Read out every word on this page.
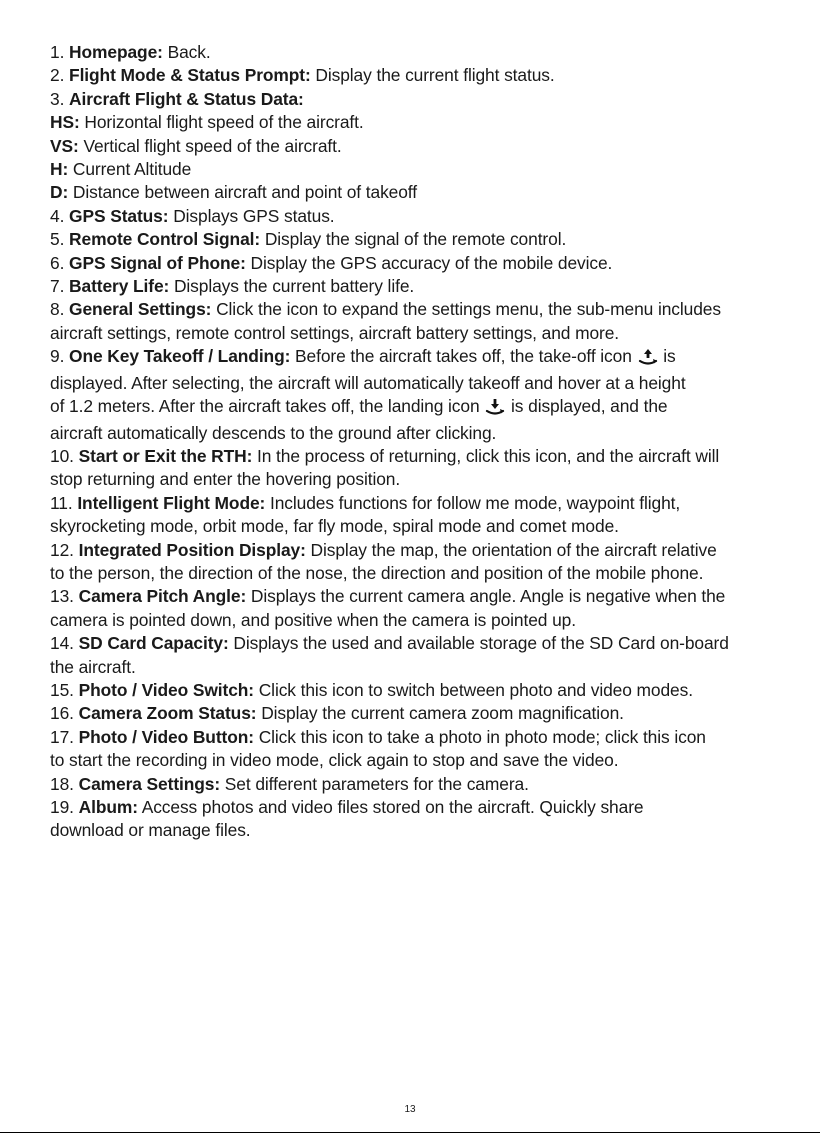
1. Homepage: Back.

2. Flight Mode & Status Prompt: Display the current flight status.

3. Aircraft Flight & Status Data:

HS: Horizontal flight speed of the aircraft.

VS: Vertical flight speed of the aircraft.

H: Current Altitude

D: Distance between aircraft and point of takeoff

4. GPS Status: Displays GPS status.

5. Remote Control Signal: Display the signal of the remote control.

6. GPS Signal of Phone: Display the GPS accuracy of the mobile device.

7. Battery Life: Displays the current battery life.

8. General Settings: Click the icon to expand the settings menu, the sub-menu includes

aircraft settings, remote control settings, aircraft battery settings, and more.

9. One Key Takeoff / Landing: Before the aircraft takes off, the take-off icon is

displayed. After selecting, the aircraft will automatically takeoff and hover at a height

of 1.2 meters. After the aircraft takes off, the landing icon is displayed, and the

aircraft automatically descends to the ground after clicking.

10. Start or Exit the RTH: In the process of returning, click this icon, and the aircraft will

stop returning and enter the hovering position.

11. Intelligent Flight Mode: Includes functions for follow me mode, waypoint flight,

skyrocketing mode, orbit mode, far fly mode, spiral mode and comet mode.

12. Integrated Position Display: Display the map, the orientation of the aircraft relative

to the person, the direction of the nose, the direction and position of the mobile phone.

13. Camera Pitch Angle: Displays the current camera angle. Angle is negative when the

camera is pointed down, and positive when the camera is pointed up.

14. SD Card Capacity: Displays the used and available storage of the SD Card on-board

the aircraft.

15. Photo / Video Switch: Click this icon to switch between photo and video modes.

16. Camera Zoom Status: Display the current camera zoom magnification.

17. Photo / Video Button: Click this icon to take a photo in photo mode; click this icon

to start the recording in video mode, click again to stop and save the video.

18. Camera Settings: Set different parameters for the camera.

19. Album: Access photos and video files stored on the aircraft. Quickly share

download or manage files.

13
